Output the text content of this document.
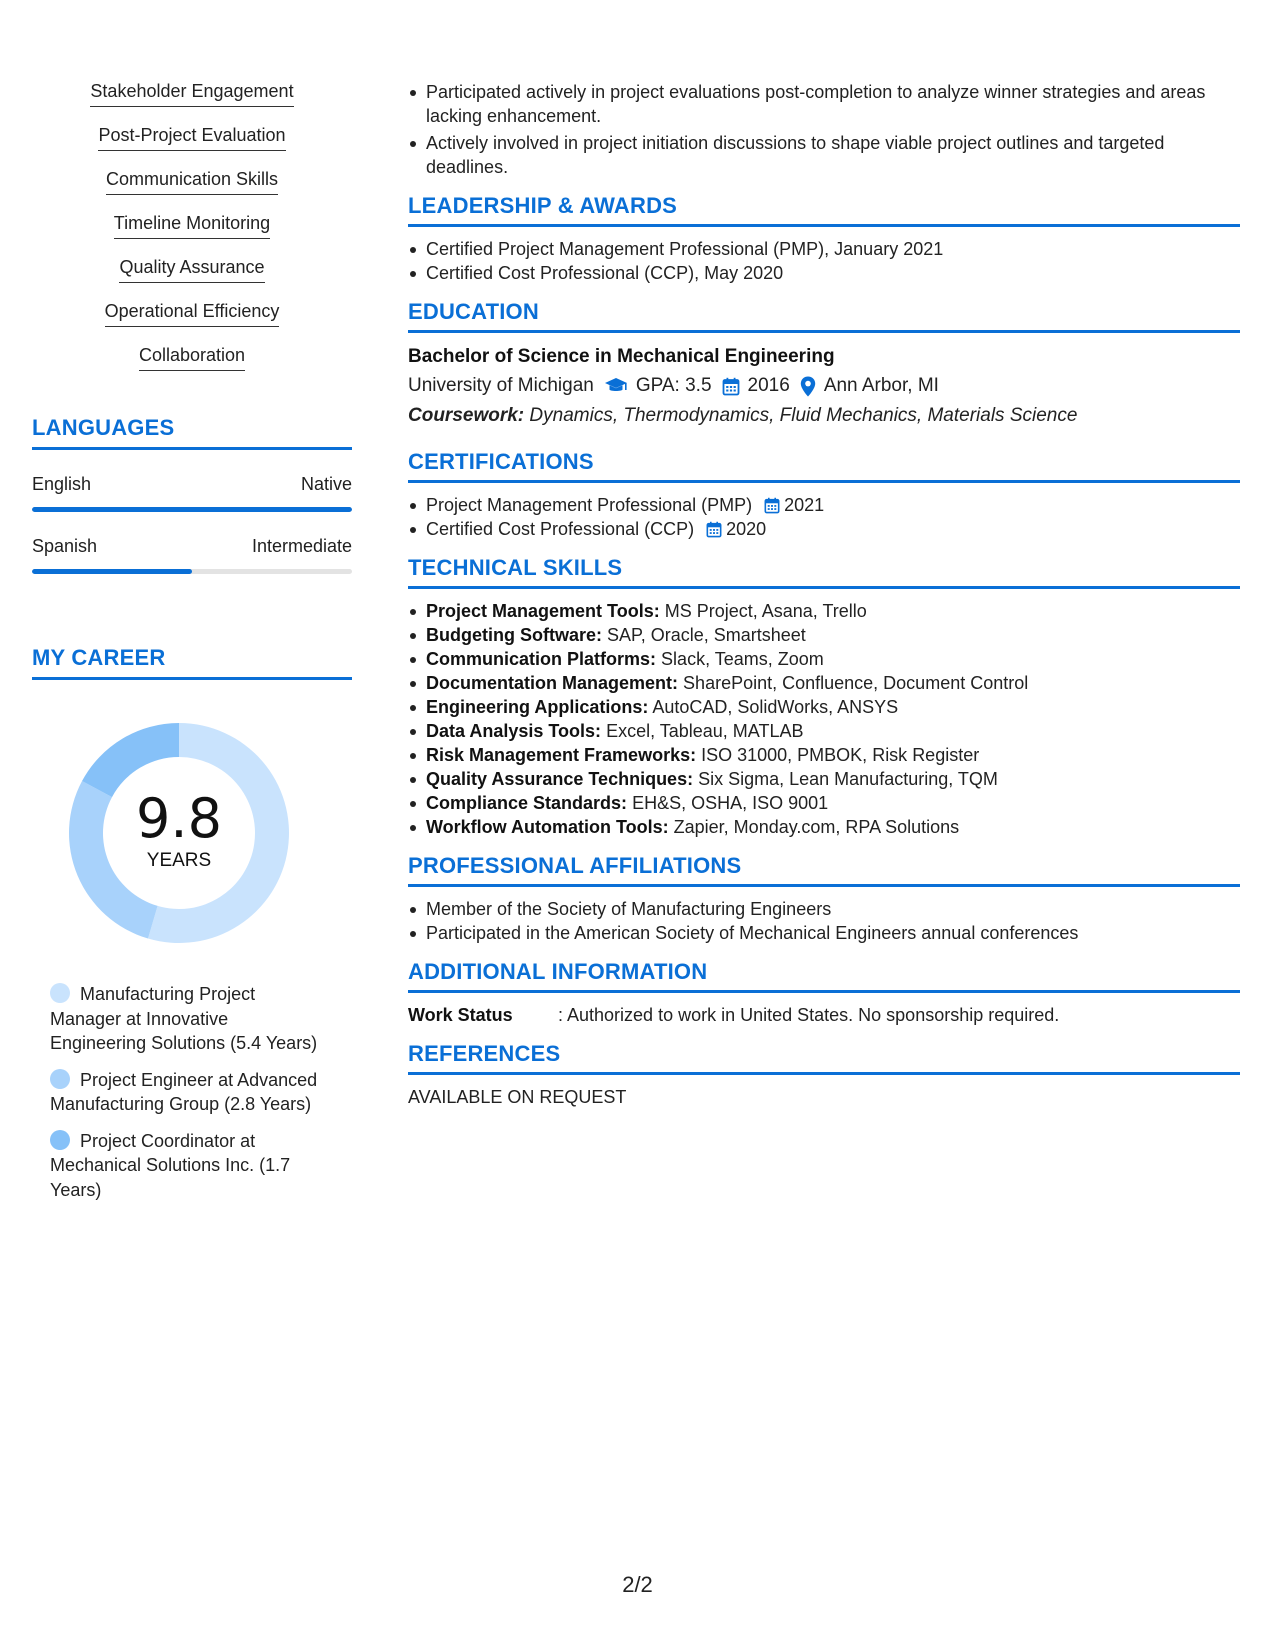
Stakeholder Engagement
Post-Project Evaluation
Communication Skills
Timeline Monitoring
Quality Assurance
Operational Efficiency
Collaboration
LANGUAGES
English	Native
Spanish	Intermediate
MY CAREER
9.8
YEARS
Manufacturing Project Manager at Innovative Engineering Solutions (5.4 Years)
Project Engineer at Advanced Manufacturing Group (2.8 Years)
Project Coordinator at Mechanical Solutions Inc. (1.7 Years)
Participated actively in project evaluations post-completion to analyze winner strategies and areas lacking enhancement.
Actively involved in project initiation discussions to shape viable project outlines and targeted deadlines.
LEADERSHIP & AWARDS
Certified Project Management Professional (PMP), January 2021
Certified Cost Professional (CCP), May 2020
EDUCATION
Bachelor of Science in Mechanical Engineering
University of Michigan GPA: 3.5 2016 Ann Arbor, MI
Coursework: Dynamics, Thermodynamics, Fluid Mechanics, Materials Science
CERTIFICATIONS
Project Management Professional (PMP) 2021
Certified Cost Professional (CCP) 2020
TECHNICAL SKILLS
Project Management Tools: MS Project, Asana, Trello
Budgeting Software: SAP, Oracle, Smartsheet
Communication Platforms: Slack, Teams, Zoom
Documentation Management: SharePoint, Confluence, Document Control
Engineering Applications: AutoCAD, SolidWorks, ANSYS
Data Analysis Tools: Excel, Tableau, MATLAB
Risk Management Frameworks: ISO 31000, PMBOK, Risk Register
Quality Assurance Techniques: Six Sigma, Lean Manufacturing, TQM
Compliance Standards: EH&S, OSHA, ISO 9001
Workflow Automation Tools: Zapier, Monday.com, RPA Solutions
PROFESSIONAL AFFILIATIONS
Member of the Society of Manufacturing Engineers
Participated in the American Society of Mechanical Engineers annual conferences
ADDITIONAL INFORMATION
Work Status	: Authorized to work in United States. No sponsorship required.
REFERENCES
AVAILABLE ON REQUEST
2/2
